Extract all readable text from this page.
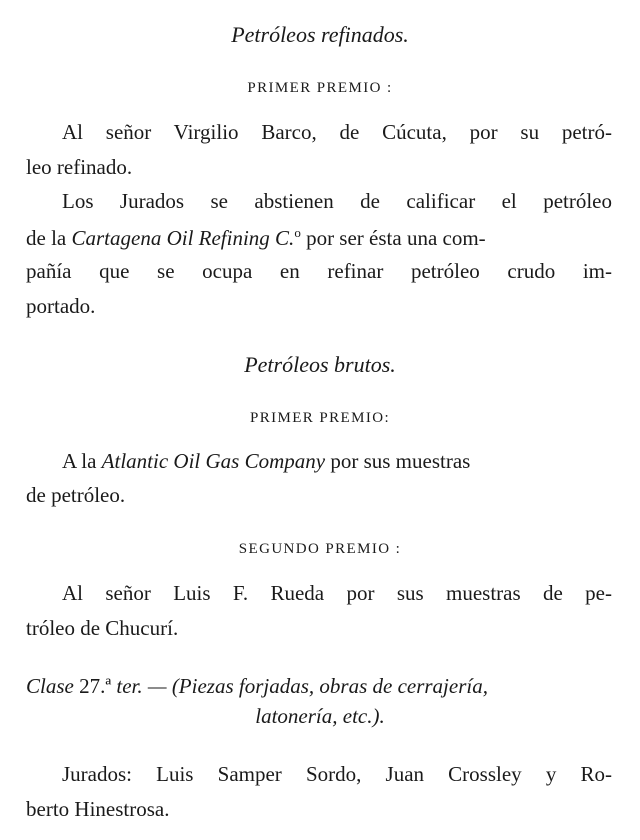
Petróleos refinados.
PRIMER PREMIO :
Al señor Virgilio Barco, de Cúcuta, por su petró-
leo refinado.
Los Jurados se abstienen de calificar el petróleo
de la Cartagena Oil Refining C.$^o$ por ser ésta una com-
pañía que se ocupa en refinar petróleo crudo im-
portado.
Petróleos brutos.
PRIMER PREMIO:
A la Atlantic Oil Gas Company por sus muestras
de petróleo.
SEGUNDO PREMIO :
Al señor Luis F. Rueda por sus muestras de pe-
tróleo de Chucurí.
Clase 27.ª ter. — (Piezas forjadas, obras de cerrajería,
latonería, etc.).
Jurados: Luis Samper Sordo, Juan Crossley y Ro-
berto Hinestrosa.
